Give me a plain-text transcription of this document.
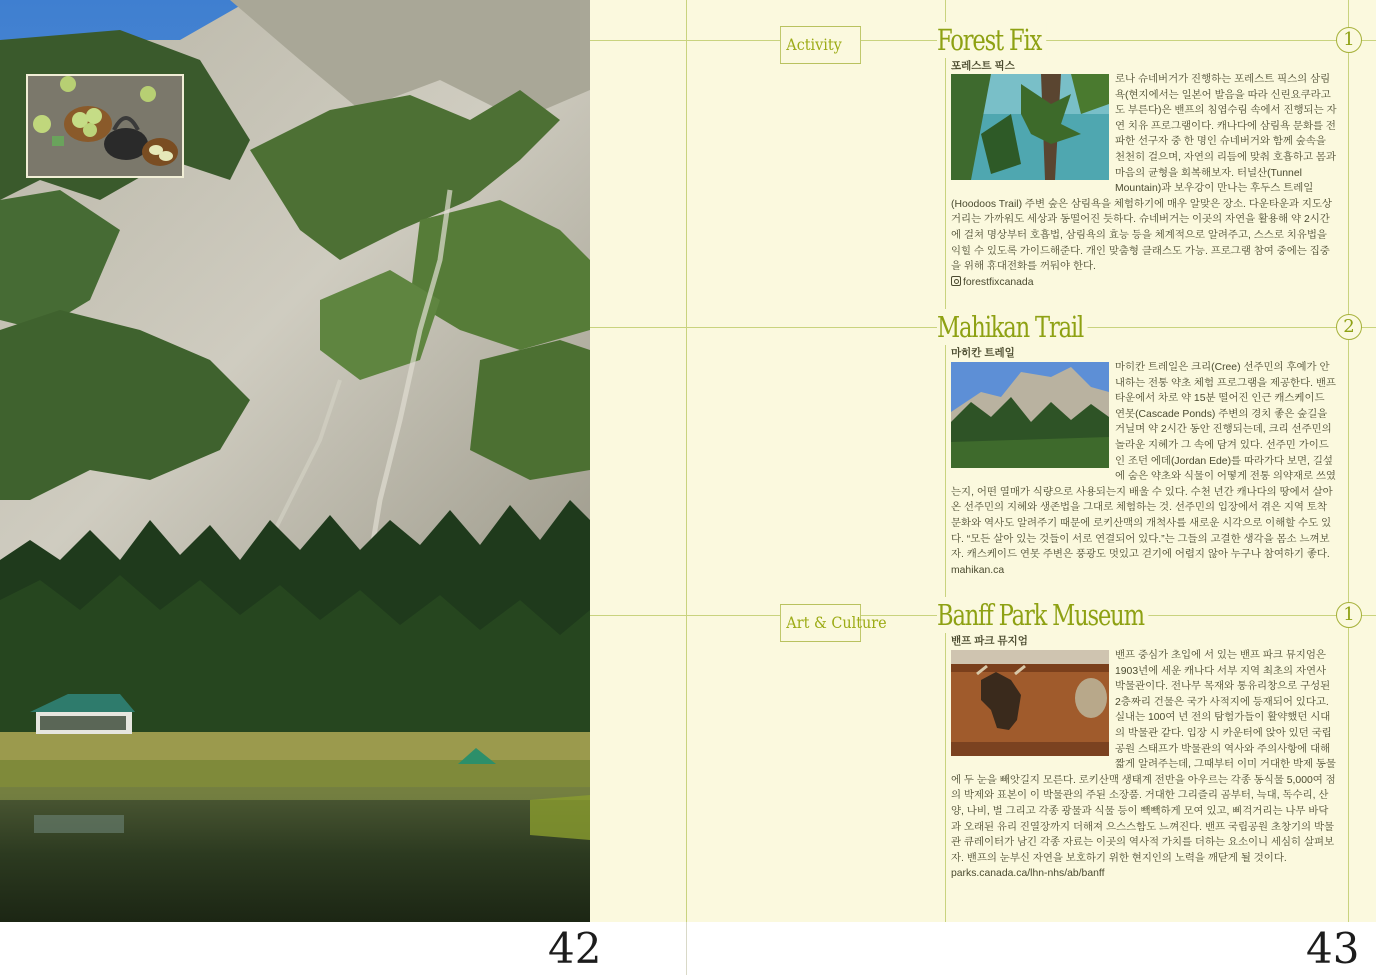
42
Activity	Forest Fix	1
포레스트 픽스

로나 슈네버거가 진행하는 포레스트 픽스의 삼림욕(현지에서는 일본어 발음을 따라 신린요쿠라고도 부른다)은 밴프의 침엽수림 속에서 진행되는 자연 치유 프로그램이다. 캐나다에 삼림욕 문화를 전파한 선구자 중 한 명인 슈네버거와 함께 숲속을 천천히 걸으며, 자연의 리듬에 맞춰 호흡하고 몸과 마음의 균형을 회복해보자. 터널산(Tunnel Mountain)과 보우강이 만나는 후두스 트레일(Hoodoos Trail) 주변 숲은 삼림욕을 체험하기에 매우 알맞은 장소. 다운타운과 지도상 거리는 가까워도 세상과 동떨어진 듯하다. 슈네버거는 이곳의 자연을 활용해 약 2시간에 걸쳐 명상부터 호흡법, 삼림욕의 효능 등을 체계적으로 알려주고, 스스로 치유법을 익힐 수 있도록 가이드해준다. 개인 맞춤형 클래스도 가능. 프로그램 참여 중에는 집중을 위해 휴대전화를 꺼둬야 한다.

forestfixcanada

Mahikan Trail	2
마히칸 트레일

마히칸 트레일은 크리(Cree) 선주민의 후예가 안내하는 전통 약초 체험 프로그램을 제공한다. 밴프 타운에서 차로 약 15분 떨어진 인근 캐스케이드 연못(Cascade Ponds) 주변의 경치 좋은 숲길을 거닐며 약 2시간 동안 진행되는데, 크리 선주민의 놀라운 지혜가 그 속에 담겨 있다. 선주민 가이드인 조던 에데(Jordan Ede)를 따라가다 보면, 길섶에 숨은 약초와 식물이 어떻게 전통 의약재로 쓰였는지, 어떤 열매가 식량으로 사용되는지 배울 수 있다. 수천 년간 캐나다의 땅에서 살아온 선주민의 지혜와 생존법을 그대로 체험하는 것. 선주민의 입장에서 겪은 지역 토착 문화와 역사도 알려주기 때문에 로키산맥의 개척사를 새로운 시각으로 이해할 수도 있다. “모든 살아 있는 것들이 서로 연결되어 있다.”는 그들의 고결한 생각을 몸소 느껴보자. 캐스케이드 연못 주변은 풍광도 멋있고 걷기에 어렵지 않아 누구나 참여하기 좋다.

mahikan.ca

Art & Culture Banff Park Museum	1
밴프 파크 뮤지엄

밴프 중심가 초입에 서 있는 밴프 파크 뮤지엄은 1903년에 세운 캐나다 서부 지역 최초의 자연사 박물관이다. 전나무 목재와 통유리창으로 구성된 2층짜리 건물은 국가 사적지에 등재되어 있다고. 실내는 100여 년 전의 탐험가들이 활약했던 시대의 박물관 같다. 입장 시 카운터에 앉아 있던 국립공원 스태프가 박물관의 역사와 주의사항에 대해 짧게 알려주는데, 그때부터 이미 거대한 박제 동물에 두 눈을 빼앗길지 모른다. 로키산맥 생태계 전반을 아우르는 각종 동식물 5,000여 점의 박제와 표본이 이 박물관의 주된 소장품. 거대한 그리즐리 곰부터, 늑대, 독수리, 산양, 나비, 벌 그리고 각종 광물과 식물 등이 빽빽하게 모여 있고, 삐걱거리는 나무 바닥과 오래된 유리 진열장까지 더해져 으스스함도 느껴진다. 밴프 국립공원 초창기의 박물관 큐레이터가 남긴 각종 자료는 이곳의 역사적 가치를 더하는 요소이니 세심히 살펴보자. 밴프의 눈부신 자연을 보호하기 위한 현지인의 노력을 깨닫게 될 것이다.

parks.canada.ca/lhn-nhs/ab/banff

43
